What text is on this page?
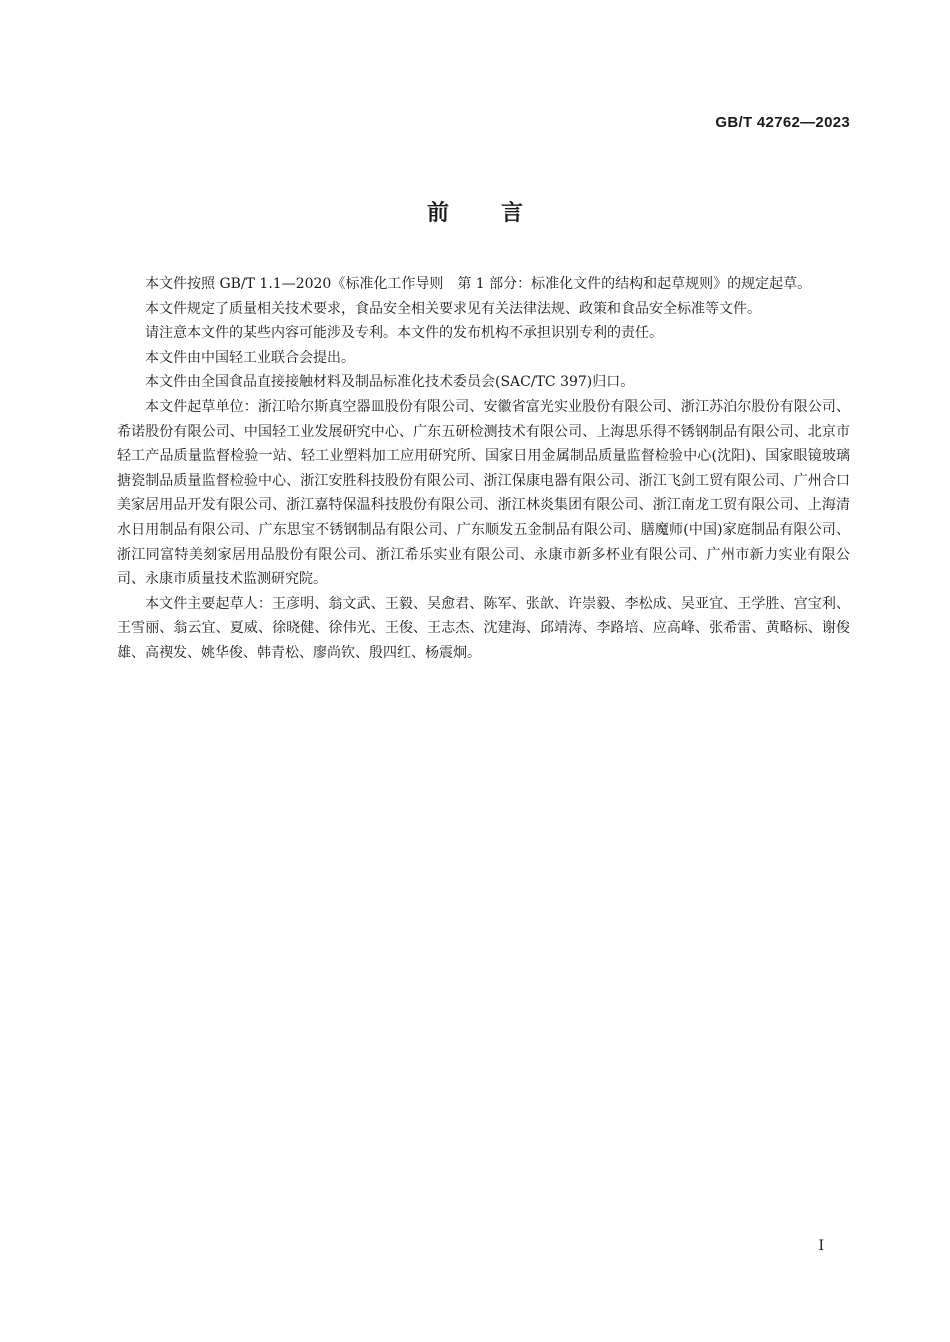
GB/T 42762—2023
前言

本文件按照 GB/T 1.1—2020《标准化工作导则　第 1 部分：标准化文件的结构和起草规则》的规定起草。

本文件规定了质量相关技术要求，食品安全相关要求见有关法律法规、政策和食品安全标准等文件。

请注意本文件的某些内容可能涉及专利。本文件的发布机构不承担识别专利的责任。

本文件由中国轻工业联合会提出。

本文件由全国食品直接接触材料及制品标准化技术委员会(SAC/TC 397)归口。

本文件起草单位：浙江哈尔斯真空器皿股份有限公司、安徽省富光实业股份有限公司、浙江苏泊尔股份有限公司、希诺股份有限公司、中国轻工业发展研究中心、广东五研检测技术有限公司、上海思乐得不锈钢制品有限公司、北京市轻工产品质量监督检验一站、轻工业塑料加工应用研究所、国家日用金属制品质量监督检验中心(沈阳)、国家眼镜玻璃搪瓷制品质量监督检验中心、浙江安胜科技股份有限公司、浙江保康电器有限公司、浙江飞剑工贸有限公司、广州合口美家居用品开发有限公司、浙江嘉特保温科技股份有限公司、浙江林炎集团有限公司、浙江南龙工贸有限公司、上海清水日用制品有限公司、广东思宝不锈钢制品有限公司、广东顺发五金制品有限公司、膳魔师(中国)家庭制品有限公司、浙江同富特美刻家居用品股份有限公司、浙江希乐实业有限公司、永康市新多杯业有限公司、广州市新力实业有限公司、永康市质量技术监测研究院。

本文件主要起草人：王彦明、翁文武、王毅、吴愈君、陈军、张歆、许崇毅、李松成、吴亚宜、王学胜、宫宝利、王雪丽、翁云宜、夏威、徐晓健、徐伟光、王俊、王志杰、沈建海、邱靖涛、李路培、应高峰、张希雷、黄略标、谢俊雄、高禊发、姚华俊、韩青松、廖尚钦、殷四红、杨震炯。

I
